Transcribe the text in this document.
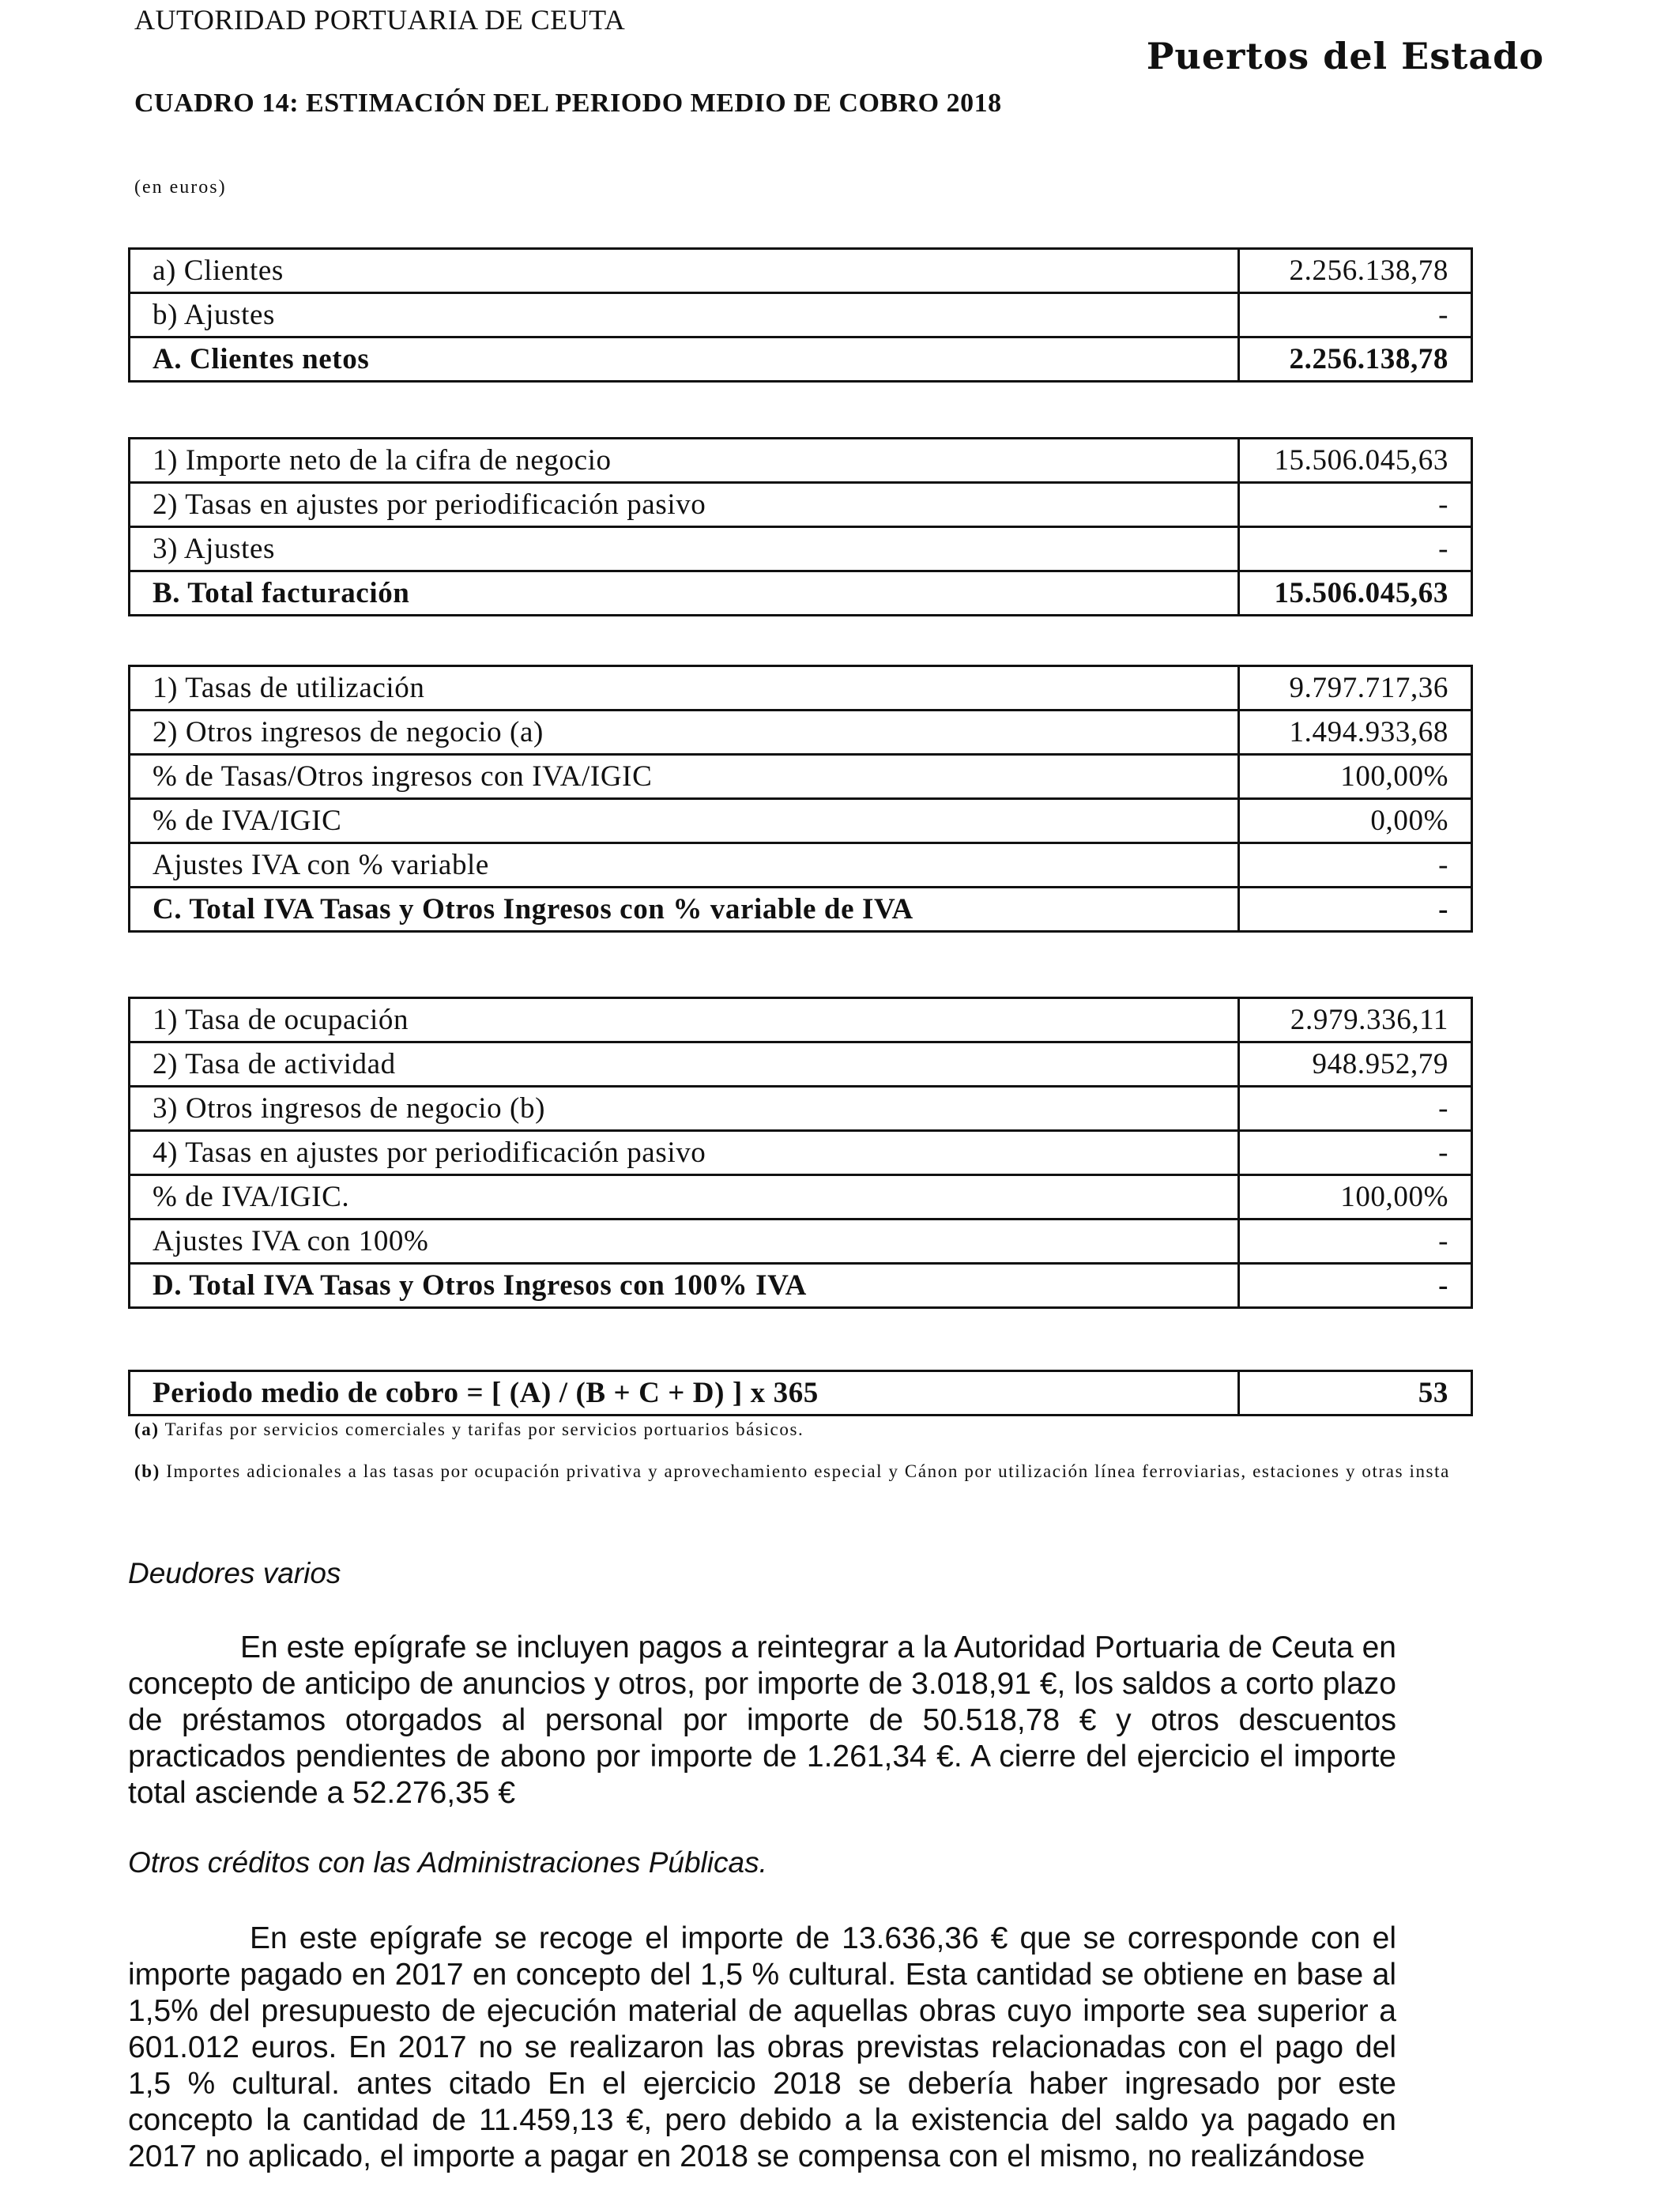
AUTORIDAD PORTUARIA DE CEUTA
Puertos del Estado
CUADRO 14: ESTIMACIÓN DEL PERIODO MEDIO DE COBRO 2018
(en euros)
a) Clientes	2.256.138,78
b) Ajustes	-
A. Clientes netos	2.256.138,78
1) Importe neto de la cifra de negocio	15.506.045,63
2) Tasas en ajustes por periodificación pasivo	-
3) Ajustes	-
B. Total facturación	15.506.045,63
1) Tasas de utilización	9.797.717,36
2) Otros ingresos de negocio (a)	1.494.933,68
% de Tasas/Otros ingresos con IVA/IGIC	100,00%
% de IVA/IGIC	0,00%
Ajustes IVA con % variable	-
C. Total IVA Tasas y Otros Ingresos con % variable de IVA	-
1) Tasa de ocupación	2.979.336,11
2) Tasa de actividad	948.952,79
3) Otros ingresos de negocio (b)	-
4) Tasas en ajustes por periodificación pasivo	-
% de IVA/IGIC.	100,00%
Ajustes IVA con 100%	-
D. Total IVA Tasas y Otros Ingresos con 100% IVA	-
Periodo medio de cobro = [ (A) / (B + C + D) ] x 365	53
(a) Tarifas por servicios comerciales y tarifas por servicios portuarios básicos.
(b) Importes adicionales a las tasas por ocupación privativa y aprovechamiento especial y Cánon por utilización línea ferroviarias, estaciones y otras insta
Deudores varios

En este epígrafe se incluyen pagos a reintegrar a la Autoridad Portuaria de Ceuta en concepto de anticipo de anuncios y otros, por importe de 3.018,91 €, los saldos a corto plazo de préstamos otorgados al personal por importe de 50.518,78 € y otros descuentos practicados pendientes de abono por importe de 1.261,34 €. A cierre del ejercicio el importe total asciende a 52.276,35 €

Otros créditos con las Administraciones Públicas.

En este epígrafe se recoge el importe de 13.636,36 € que se corresponde con el importe pagado en 2017 en concepto del 1,5 % cultural. Esta cantidad se obtiene en base al 1,5% del presupuesto de ejecución material de aquellas obras cuyo importe sea superior a 601.012 euros. En 2017 no se realizaron las obras previstas relacionadas con el pago del 1,5 % cultural. antes citado En el ejercicio 2018 se debería haber ingresado por este concepto la cantidad de 11.459,13 €, pero debido a la existencia del saldo ya pagado en 2017 no aplicado, el importe a pagar en 2018 se compensa con el mismo, no realizándose
